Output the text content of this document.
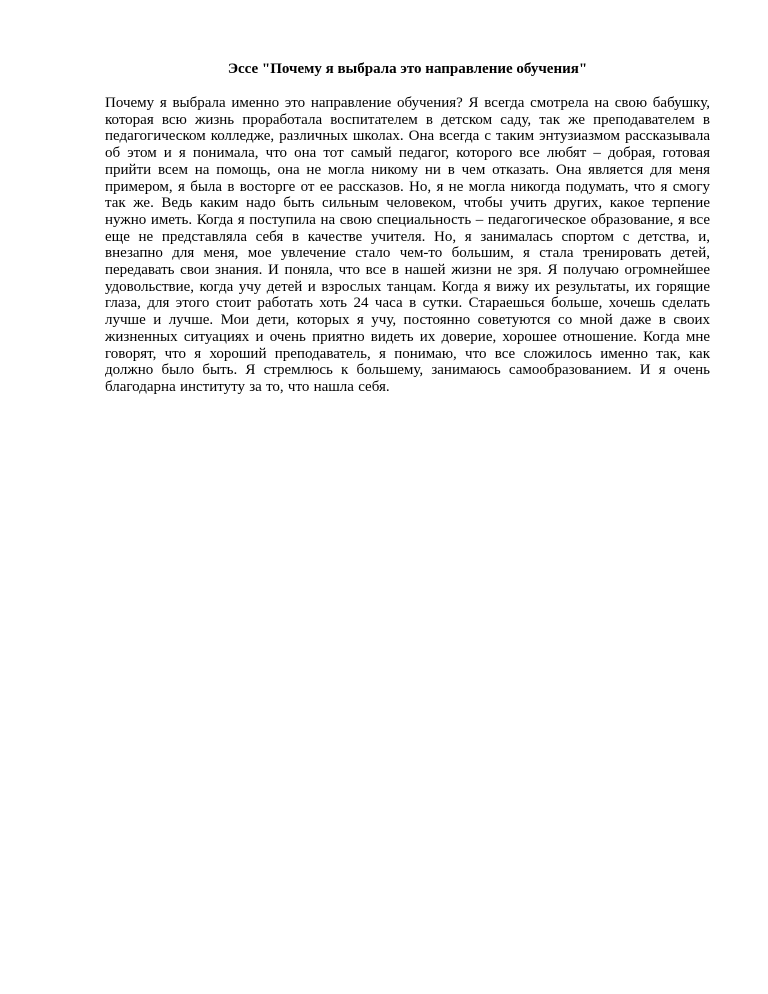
Эссе "Почему я выбрала это направление обучения"

Почему я выбрала именно это направление обучения? Я всегда смотрела на свою бабушку, которая всю жизнь проработала воспитателем в детском саду, так же преподавателем в педагогическом колледже, различных школах. Она всегда с таким энтузиазмом рассказывала об этом и я понимала, что она тот самый педагог, которого все любят – добрая, готовая прийти всем на помощь, она не могла никому ни в чем отказать. Она является для меня примером, я была в восторге от ее рассказов. Но, я не могла никогда подумать, что я смогу так же. Ведь каким надо быть сильным человеком, чтобы учить других, какое терпение нужно иметь. Когда я поступила на свою специальность – педагогическое образование, я все еще не представляла себя в качестве учителя. Но, я занималась спортом с детства, и, внезапно для меня, мое увлечение стало чем-то большим, я стала тренировать детей, передавать свои знания. И поняла, что все в нашей жизни не зря. Я получаю огромнейшее удовольствие, когда учу детей и взрослых танцам. Когда я вижу их результаты, их горящие глаза, для этого стоит работать хоть 24 часа в сутки. Стараешься больше, хочешь сделать лучше и лучше. Мои дети, которых я учу, постоянно советуются со мной даже в своих жизненных ситуациях и очень приятно видеть их доверие, хорошее отношение. Когда мне говорят, что я хороший преподаватель, я понимаю, что все сложилось именно так, как должно было быть. Я стремлюсь к большему, занимаюсь самообразованием. И я очень благодарна институту за то, что нашла себя.
